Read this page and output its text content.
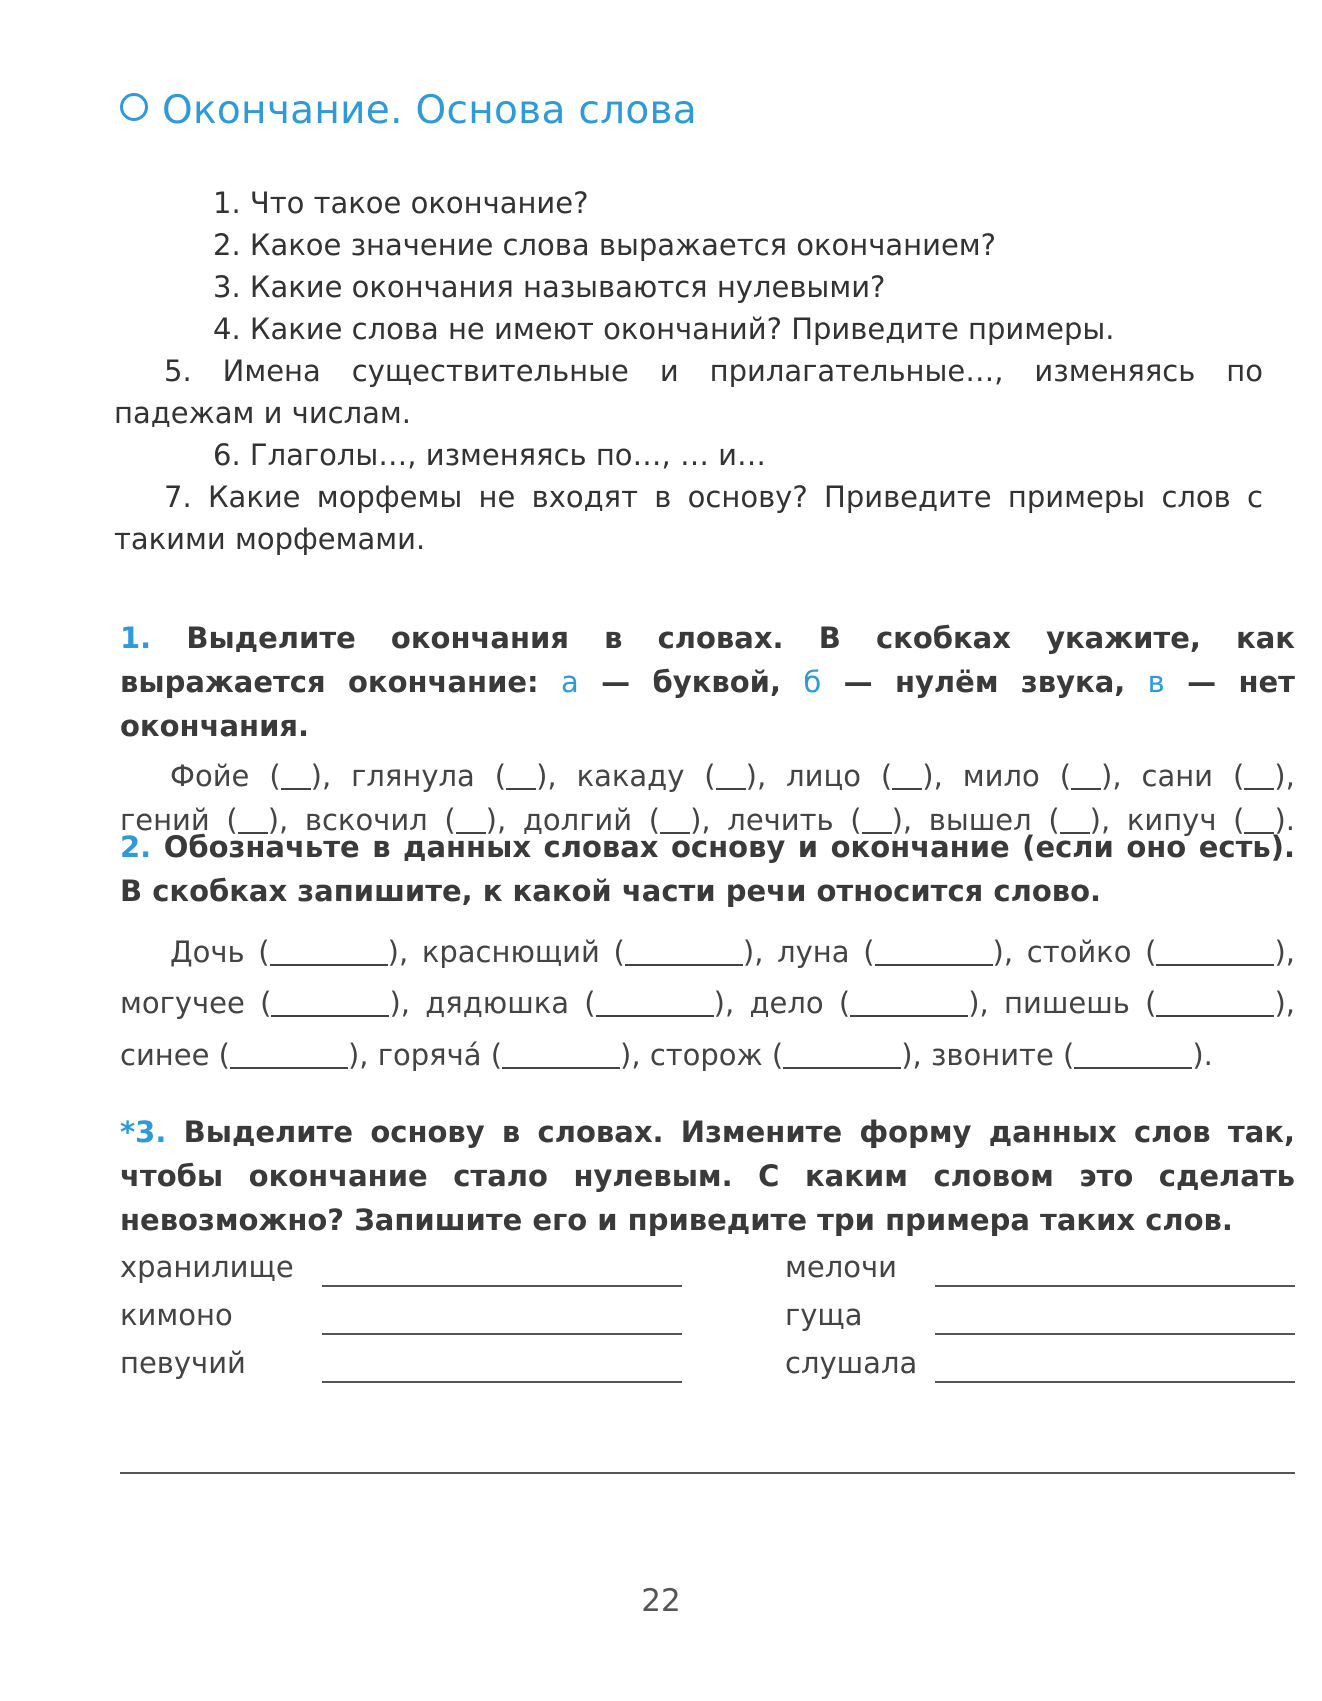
Окончание. Основа слова
1. Что такое окончание?
2. Какое значение слова выражается окончанием?
3. Какие окончания называются нулевыми?
4. Какие слова не имеют окончаний? Приведите примеры.
5. Имена существительные и прилагательные…, изменяясь по падежам и числам.
6. Глаголы…, изменяясь по…, … и…
7. Какие морфемы не входят в основу? Приведите примеры слов с такими морфемами.
1. Выделите окончания в словах. В скобках укажите, как выражается окончание: а — буквой, б — нулём звука, в — нет окончания.
Фойе ( ), глянула ( ), какаду ( ), лицо ( ), мило ( ), сани ( ),
гений ( ), вскочил ( ), долгий ( ), лечить ( ), вышел ( ), кипуч ( ).
2. Обозначьте в данных словах основу и окончание (если оно есть). В скобках запишите, к какой части речи относится слово.
Дочь (	), краснющий (	), луна (	), стойко (	),
могучее (	), дядюшка (	), дело (	), пишешь (	),
синее (	), горячá (	), сторож (	), звоните (	).
*3. Выделите основу в словах. Измените форму данных слов так, чтобы окончание стало нулевым. С каким словом это сделать невозможно? Запишите его и приведите три примера таких слов.
хранилище	мелочи
кимоно	гуща
певучий	слушала
22
